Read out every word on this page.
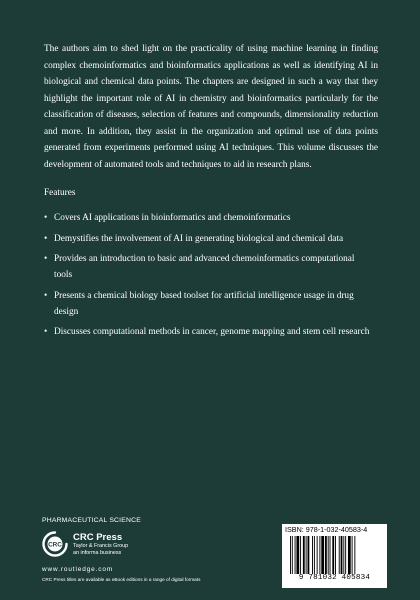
The authors aim to shed light on the practicality of using machine learning in finding complex chemoinformatics and bioinformatics applications as well as identifying AI in biological and chemical data points. The chapters are designed in such a way that they highlight the important role of AI in chemistry and bioinformatics particularly for the classification of diseases, selection of features and compounds, dimensionality reduction and more. In addition, they assist in the organization and optimal use of data points generated from experiments performed using AI techniques. This volume discusses the development of automated tools and techniques to aid in research plans.

Features

• Covers AI applications in bioinformatics and chemoinformatics
• Demystifies the involvement of AI in generating biological and chemical data
• Provides an introduction to basic and advanced chemoinformatics computational tools
• Presents a chemical biology based toolset for artificial intelligence usage in drug design
• Discusses computational methods in cancer, genome mapping and stem cell research
PHARMACEUTICAL SCIENCE
CRC
CRC Press
Taylor & Francis Group
an informa business
www.routledge.com
CRC Press titles are available as eBook editions in a range of digital formats
ISBN: 978-1-032-40583-4
9 781032 405834
